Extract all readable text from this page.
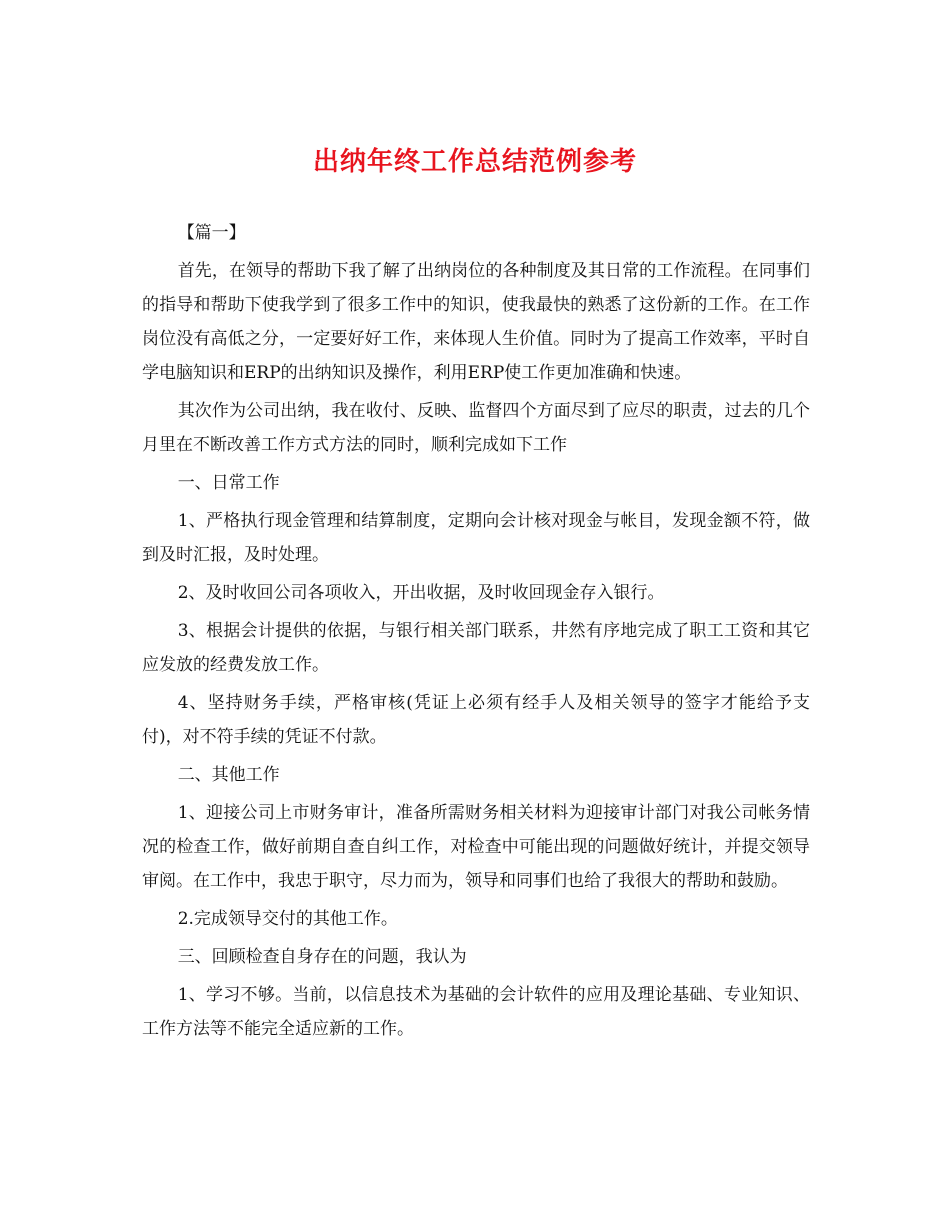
出纳年终工作总结范例参考

【篇一】

首先，在领导的帮助下我了解了出纳岗位的各种制度及其日常的工作流程。在同事们的指导和帮助下使我学到了很多工作中的知识，使我最快的熟悉了这份新的工作。在工作岗位没有高低之分，一定要好好工作，来体现人生价值。同时为了提高工作效率，平时自学电脑知识和ERP的出纳知识及操作，利用ERP使工作更加准确和快速。

其次作为公司出纳，我在收付、反映、监督四个方面尽到了应尽的职责，过去的几个月里在不断改善工作方式方法的同时，顺利完成如下工作

一、日常工作

1、严格执行现金管理和结算制度，定期向会计核对现金与帐目，发现金额不符，做到及时汇报，及时处理。

2、及时收回公司各项收入，开出收据，及时收回现金存入银行。

3、根据会计提供的依据，与银行相关部门联系，井然有序地完成了职工工资和其它应发放的经费发放工作。

4、坚持财务手续，严格审核(凭证上必须有经手人及相关领导的签字才能给予支付)，对不符手续的凭证不付款。

二、其他工作

1、迎接公司上市财务审计，准备所需财务相关材料为迎接审计部门对我公司帐务情况的检查工作，做好前期自查自纠工作，对检查中可能出现的问题做好统计，并提交领导审阅。在工作中，我忠于职守，尽力而为，领导和同事们也给了我很大的帮助和鼓励。

2.完成领导交付的其他工作。

三、回顾检查自身存在的问题，我认为

1、学习不够。当前，以信息技术为基础的会计软件的应用及理论基础、专业知识、工作方法等不能完全适应新的工作。
